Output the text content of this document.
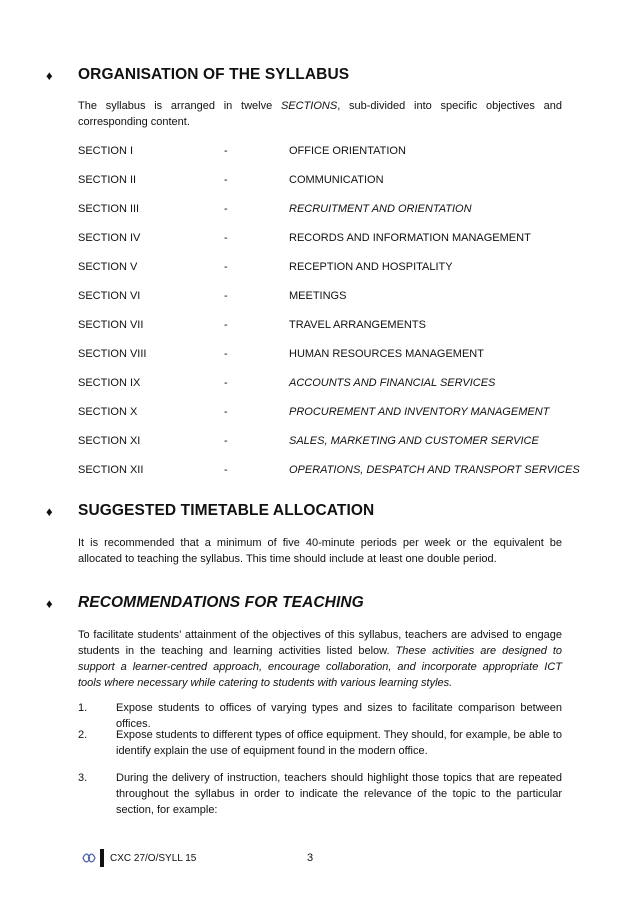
♦	ORGANISATION OF THE SYLLABUS
The syllabus is arranged in twelve SECTIONS, sub-divided into specific objectives and corresponding content.
SECTION I	-	OFFICE ORIENTATION
SECTION II	-	COMMUNICATION
SECTION III	-	RECRUITMENT AND ORIENTATION
SECTION IV	-	RECORDS AND INFORMATION MANAGEMENT
SECTION V	-	RECEPTION AND HOSPITALITY
SECTION VI	-	MEETINGS
SECTION VII	-	TRAVEL ARRANGEMENTS
SECTION VIII	-	HUMAN RESOURCES MANAGEMENT
SECTION IX	-	ACCOUNTS AND FINANCIAL SERVICES
SECTION X	-	PROCUREMENT AND INVENTORY MANAGEMENT
SECTION XI	-	SALES, MARKETING AND CUSTOMER SERVICE
SECTION XII	-	OPERATIONS, DESPATCH AND TRANSPORT SERVICES
♦	SUGGESTED TIMETABLE ALLOCATION
It is recommended that a minimum of five 40-minute periods per week or the equivalent be allocated to teaching the syllabus. This time should include at least one double period.
♦	RECOMMENDATIONS FOR TEACHING
To facilitate students’ attainment of the objectives of this syllabus, teachers are advised to engage students in the teaching and learning activities listed below. These activities are designed to support a learner-centred approach, encourage collaboration, and incorporate appropriate ICT tools where necessary while catering to students with various learning styles.
1.	Expose students to offices of varying types and sizes to facilitate comparison between offices.
2.	Expose students to different types of office equipment. They should, for example, be able to identify explain the use of equipment found in the modern office.
3.	During the delivery of instruction, teachers should highlight those topics that are repeated throughout the syllabus in order to indicate the relevance of the topic to the particular section, for example:
CXC 27/O/SYLL 15	3
